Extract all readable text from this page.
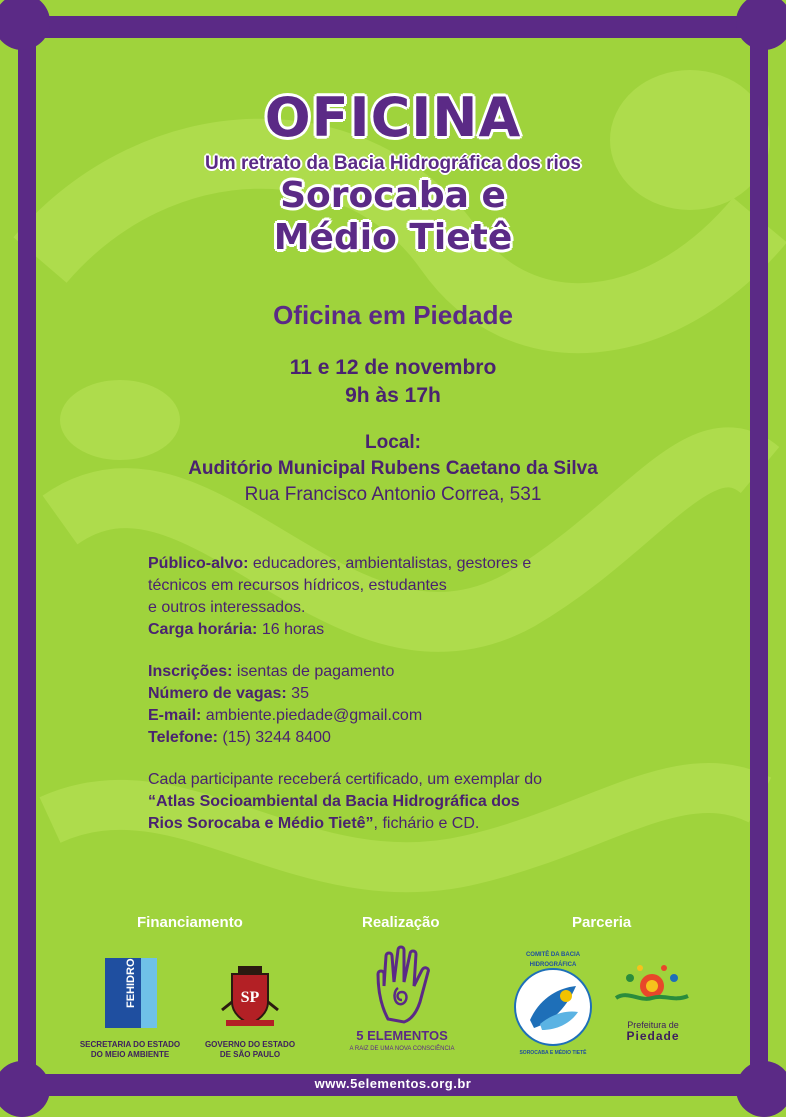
www.5elementos.org.br
OFICINA
Um retrato da Bacia Hidrográfica dos rios
Sorocaba e
Médio Tietê
Oficina em Piedade
11 e 12 de novembro
9h às 17h
Local:
Auditório Municipal Rubens Caetano da Silva
Rua Francisco Antonio Correa, 531
Público-alvo: educadores, ambientalistas, gestores e
técnicos em recursos hídricos, estudantes
e outros interessados.
Carga horária: 16 horas
Inscrições: isentas de pagamento
Número de vagas: 35
E-mail: ambiente.piedade@gmail.com
Telefone: (15) 3244 8400
Cada participante receberá certificado, um exemplar do
“Atlas Socioambiental da Bacia Hidrográfica dos
Rios Sorocaba e Médio Tietê”, fichário e CD.
Financiamento	Realização	Parceria
FEHIDRO
SECRETARIA DO ESTADO
DO MEIO AMBIENTE
SP
GOVERNO DO ESTADO
DE SÃO PAULO
5 ELEMENTOS
A RAIZ DE UMA NOVA CONSCIÊNCIA
COMITÊ DA BACIA HIDROGRÁFICA
SOROCABA E MÉDIO TIETÊ
Prefeitura de
Piedade
